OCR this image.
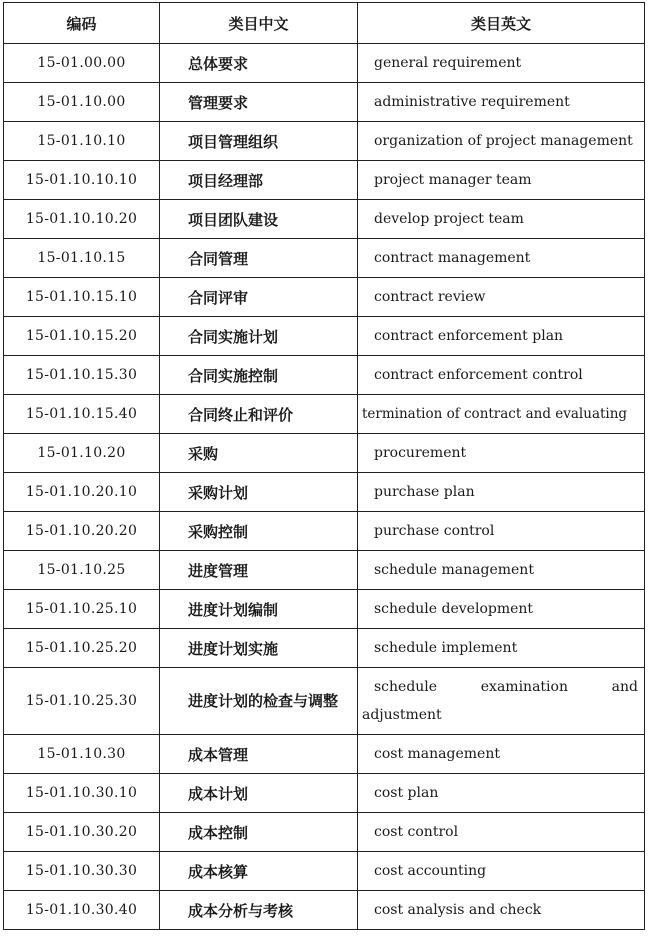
编码	类目中文	类目英文
15-01.00.00	总体要求	general requirement
15-01.10.00	管理要求	administrative requirement
15-01.10.10	项目管理组织	organization of project management
15-01.10.10.10	项目经理部	project manager team
15-01.10.10.20	项目团队建设	develop project team
15-01.10.15	合同管理	contract management
15-01.10.15.10	合同评审	contract review
15-01.10.15.20	合同实施计划	contract enforcement plan
15-01.10.15.30	合同实施控制	contract enforcement control
15-01.10.15.40	合同终止和评价	termination of contract and evaluating
15-01.10.20	采购	procurement
15-01.10.20.10	采购计划	purchase plan
15-01.10.20.20	采购控制	purchase control
15-01.10.25	进度管理	schedule management
15-01.10.25.10	进度计划编制	schedule development
15-01.10.25.20	进度计划实施	schedule implement
15-01.10.25.30	进度计划的检查与调整	schedule examination and adjustment
15-01.10.30	成本管理	cost management
15-01.10.30.10	成本计划	cost plan
15-01.10.30.20	成本控制	cost control
15-01.10.30.30	成本核算	cost accounting
15-01.10.30.40	成本分析与考核	cost analysis and check
